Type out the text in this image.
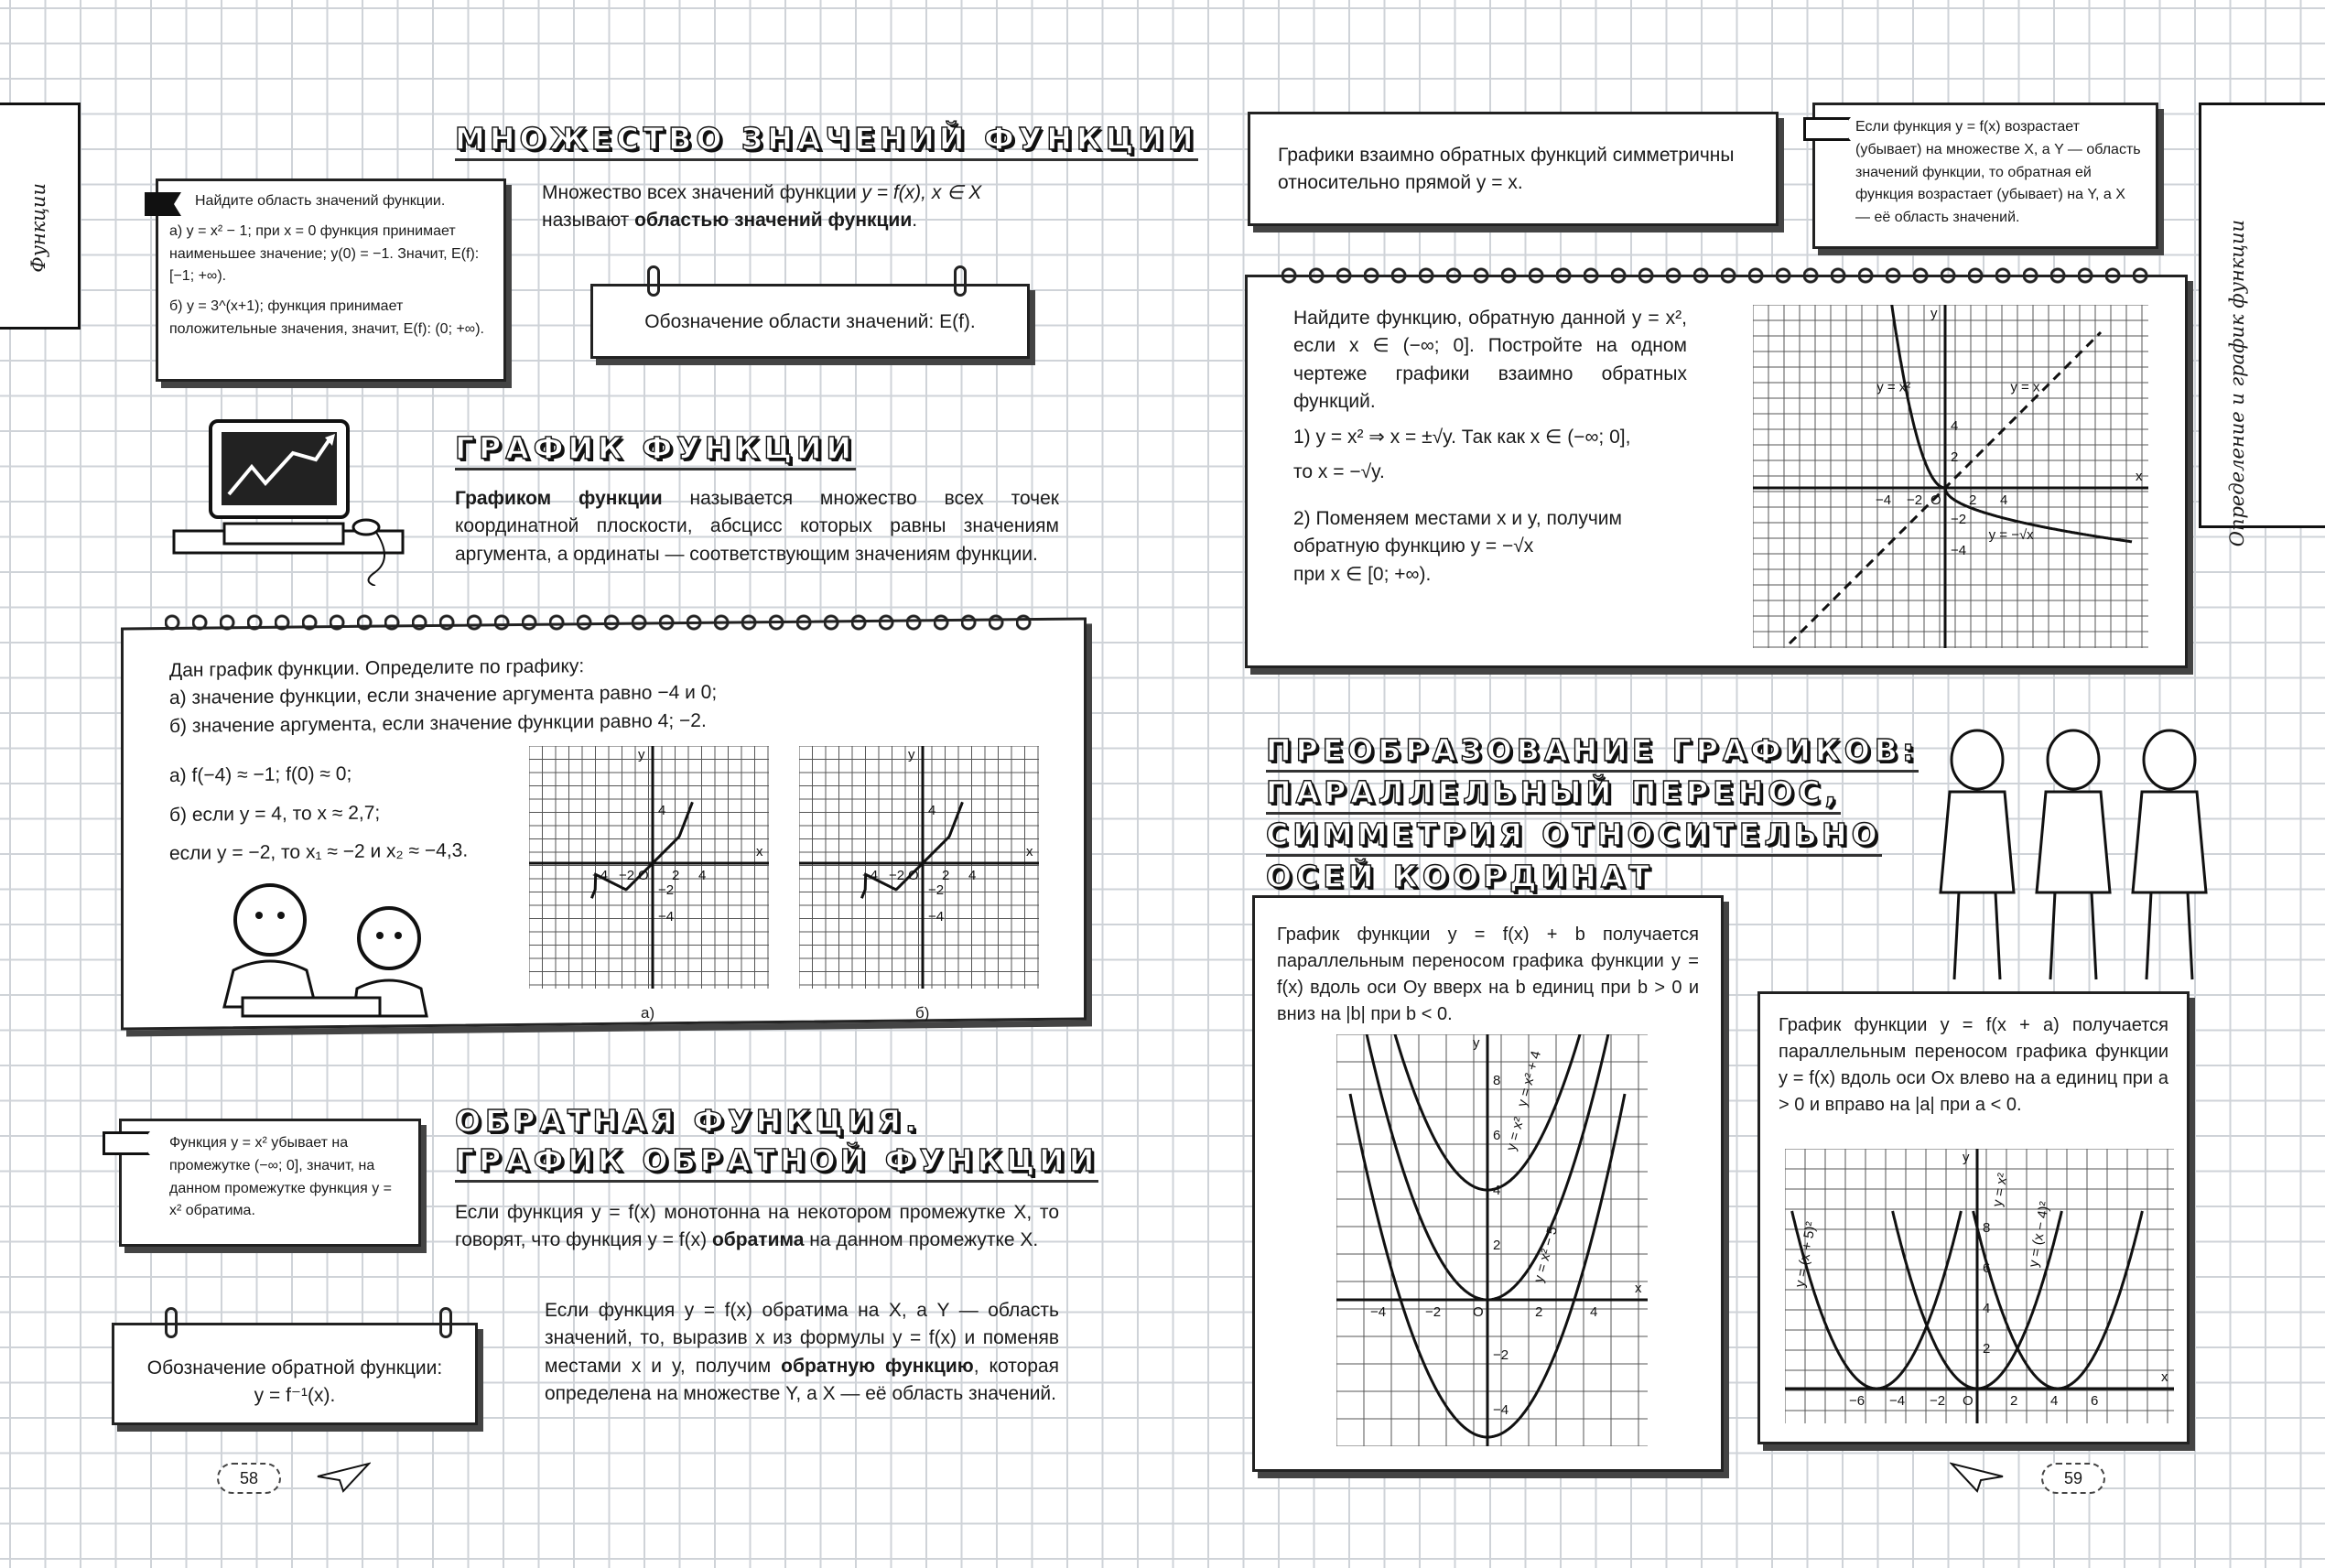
Функции
МНОЖЕСТВО ЗНАЧЕНИЙ ФУНКЦИИ
Множество всех значений функции y = f(x), x ∈ X
называют областью значений функции.
Найдите область значений функции.
а) y = x² − 1; при x = 0 функция принимает наименьшее значение; y(0) = −1. Значит, E(f): [−1; +∞).
б) y = 3^(x+1); функция принимает положительные значения, значит, E(f): (0; +∞).	Обозначение области значений: E(f).
ГРАФИК ФУНКЦИИ
Графиком функции называется множество всех точек координатной плоскости, абсцисс которых равны значениям аргумента, а ординаты — соответствующим значениям функции.
Дан график функции. Определите по графику:
а) значение функции, если значение аргумента равно −4 и 0;
б) значение аргумента, если значение функции равно 4; −2.
а) f(−4) ≈ −1; f(0) ≈ 0;
б) если y = 4, то x ≈ 2,7;
если y = −2, то x₁ ≈ −2 и x₂ ≈ −4,3.	x
y
O
−4 −2	2 4
4
−2
−4
а)
x
y
O
−4 −2	2 4
4
−2
−4
б)
Функция y = x² убывает на промежутке (−∞; 0], значит, на данном промежутке функция y = x² обратима.
ОБРАТНАЯ ФУНКЦИЯ.
ГРАФИК ОБРАТНОЙ ФУНКЦИИ
Если функция y = f(x) монотонна на некотором промежутке X, то говорят, что функция y = f(x) обратима на данном промежутке X.
Если функция y = f(x) обратима на X, а Y — область значений, то, выразив x из формулы y = f(x) и поменяв местами x и y, получим обратную функцию, которая определена на множестве Y, а X — её область значений.
Обозначение обратной функции:
y = f⁻¹(x).
58
Определение и график функции
Графики взаимно обратных функций симметричны относительно прямой y = x.
Если функция y = f(x) возрастает (убывает) на множестве X, а Y — область значений функции, то обратная ей функция возрастает (убывает) на Y, а X — её область значений.
Найдите функцию, обратную данной y = x², если x ∈ (−∞; 0]. Постройте на одном чертеже графики взаимно обратных функций.
1) y = x² ⇒ x = ±√y. Так как x ∈ (−∞; 0],
то x = −√y.
2) Поменяем местами x и y, получим обратную функцию y = −√x
при x ∈ [0; +∞).
x
y
O
−4 −2	2 4
4
2
−2
−4
y = x²	y = x
y = −√x
ПРЕОБРАЗОВАНИЕ ГРАФИКОВ:
ПАРАЛЛЕЛЬНЫЙ ПЕРЕНОС,
СИММЕТРИЯ ОТНОСИТЕЛЬНО
ОСЕЙ КООРДИНАТ
График функции y = f(x) + b получается параллельным переносом графика функции y = f(x) вдоль оси Oy вверх на b единиц при b > 0 и вниз на |b| при b < 0.
x
y
O
−4	−2	2	4
8
6
4
2
−2
−4
y = x² + 4
y = x²
y = x² − 5
График функции y = f(x + a) получается параллельным переносом графика функции y = f(x) вдоль оси Ox влево на a единиц при a > 0 и вправо на |a| при a < 0.
x
y
O
−6 −4 −2	2 4 6
8
6
4
2
y = (x + 5)²
y = x²
y = (x − 4)²
59
